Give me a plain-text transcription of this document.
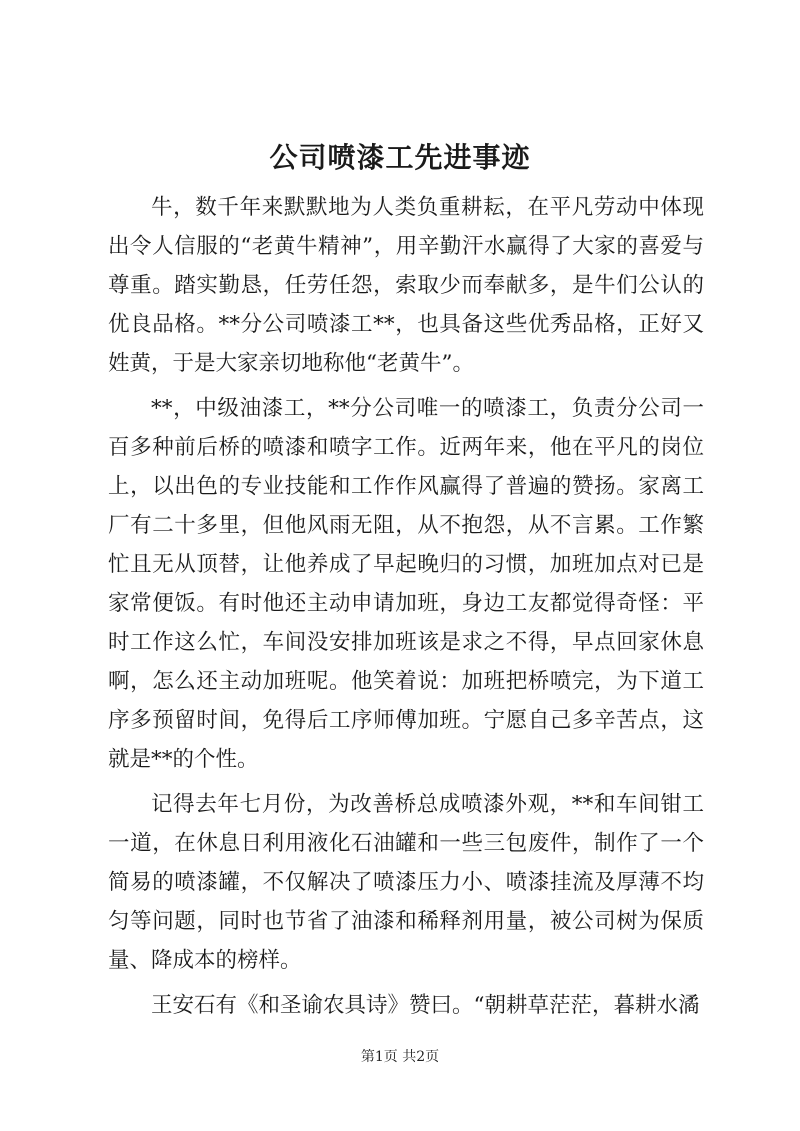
公司喷漆工先进事迹

牛，数千年来默默地为人类负重耕耘，在平凡劳动中体现出令人信服的“老黄牛精神”，用辛勤汗水赢得了大家的喜爱与尊重。踏实勤恳，任劳任怨，索取少而奉献多，是牛们公认的优良品格。**分公司喷漆工**，也具备这些优秀品格，正好又姓黄，于是大家亲切地称他“老黄牛”。

**，中级油漆工，**分公司唯一的喷漆工，负责分公司一百多种前后桥的喷漆和喷字工作。近两年来，他在平凡的岗位上，以出色的专业技能和工作作风赢得了普遍的赞扬。家离工厂有二十多里，但他风雨无阻，从不抱怨，从不言累。工作繁忙且无从顶替，让他养成了早起晚归的习惯，加班加点对已是家常便饭。有时他还主动申请加班，身边工友都觉得奇怪：平时工作这么忙，车间没安排加班该是求之不得，早点回家休息啊，怎么还主动加班呢。他笑着说：加班把桥喷完，为下道工序多预留时间，免得后工序师傅加班。宁愿自己多辛苦点，这就是**的个性。

记得去年七月份，为改善桥总成喷漆外观，**和车间钳工一道，在休息日利用液化石油罐和一些三包废件，制作了一个简易的喷漆罐，不仅解决了喷漆压力小、喷漆挂流及厚薄不均匀等问题，同时也节省了油漆和稀释剂用量，被公司树为保质量、降成本的榜样。

王安石有《和圣谕农具诗》赞曰。“朝耕草茫茫，暮耕水潏

第1页 共2页
